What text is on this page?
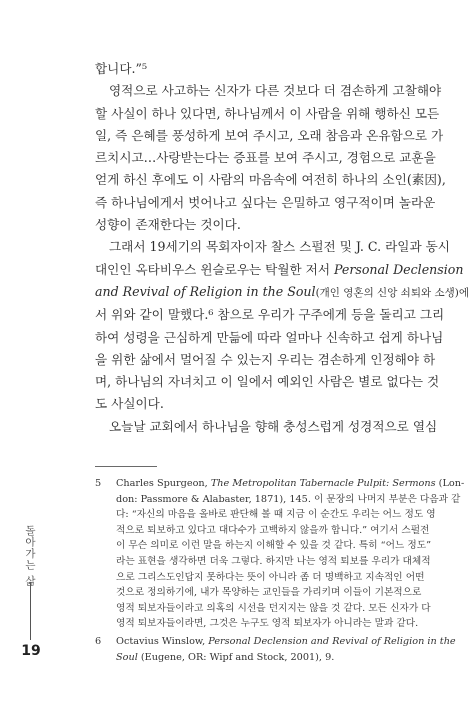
합니다.”⁵
영적으로 사고하는 신자가 다른 것보다 더 겸손하게 고찰해야
할 사실이 하나 있다면, 하나님께서 이 사람을 위해 행하신 모든
일, 즉 은혜를 풍성하게 보여 주시고, 오래 참음과 온유함으로 가
르치시고…사랑받는다는 증표를 보여 주시고, 경험으로 교훈을
얻게 하신 후에도 이 사람의 마음속에 여전히 하나의 소인(素因),
즉 하나님에게서 벗어나고 싶다는 은밀하고 영구적이며 놀라운
성향이 존재한다는 것이다.
그래서 19세기의 목회자이자 찰스 스펄전 및 J. C. 라일과 동시
대인인 옥타비우스 윈슬로우는 탁월한 저서 Personal Declension
and Revival of Religion in the Soul(개인 영혼의 신앙 쇠퇴와 소생)에
서 위와 같이 말했다.⁶ 참으로 우리가 구주에게 등을 돌리고 그리
하여 성령을 근심하게 만듦에 따라 얼마나 신속하고 쉽게 하나님
을 위한 삶에서 멀어질 수 있는지 우리는 겸손하게 인정해야 하
며, 하나님의 자녀치고 이 일에서 예외인 사람은 별로 없다는 것
도 사실이다.
오늘날 교회에서 하나님을 향해 충성스럽게 성경적으로 열심
5 Charles Spurgeon, The Metropolitan Tabernacle Pulpit: Sermons (Lon-
don: Passmore & Alabaster, 1871), 145. 이 문장의 나머지 부분은 다음과 같
다: “자신의 마음을 올바로 판단해 볼 때 지금 이 순간도 우리는 어느 정도 영
적으로 퇴보하고 있다고 대다수가 고백하지 않을까 합니다.” 여기서 스펄전
이 무슨 의미로 이런 말을 하는지 이해할 수 있을 것 같다. 특히 “어느 정도”
라는 표현을 생각하면 더욱 그렇다. 하지만 나는 영적 퇴보를 우리가 대체적
으로 그리스도인답지 못하다는 뜻이 아니라 좀 더 명백하고 지속적인 어떤
것으로 정의하기에, 내가 목양하는 교인들을 가리키며 이들이 기본적으로
영적 퇴보자들이라고 의혹의 시선을 던지지는 않을 것 같다. 모든 신자가 다
영적 퇴보자들이라면, 그것은 누구도 영적 퇴보자가 아니라는 말과 같다.
6 Octavius Winslow, Personal Declension and Revival of Religion in the
Soul (Eugene, OR: Wipf and Stock, 2001), 9.
돌아가는 삶
19
